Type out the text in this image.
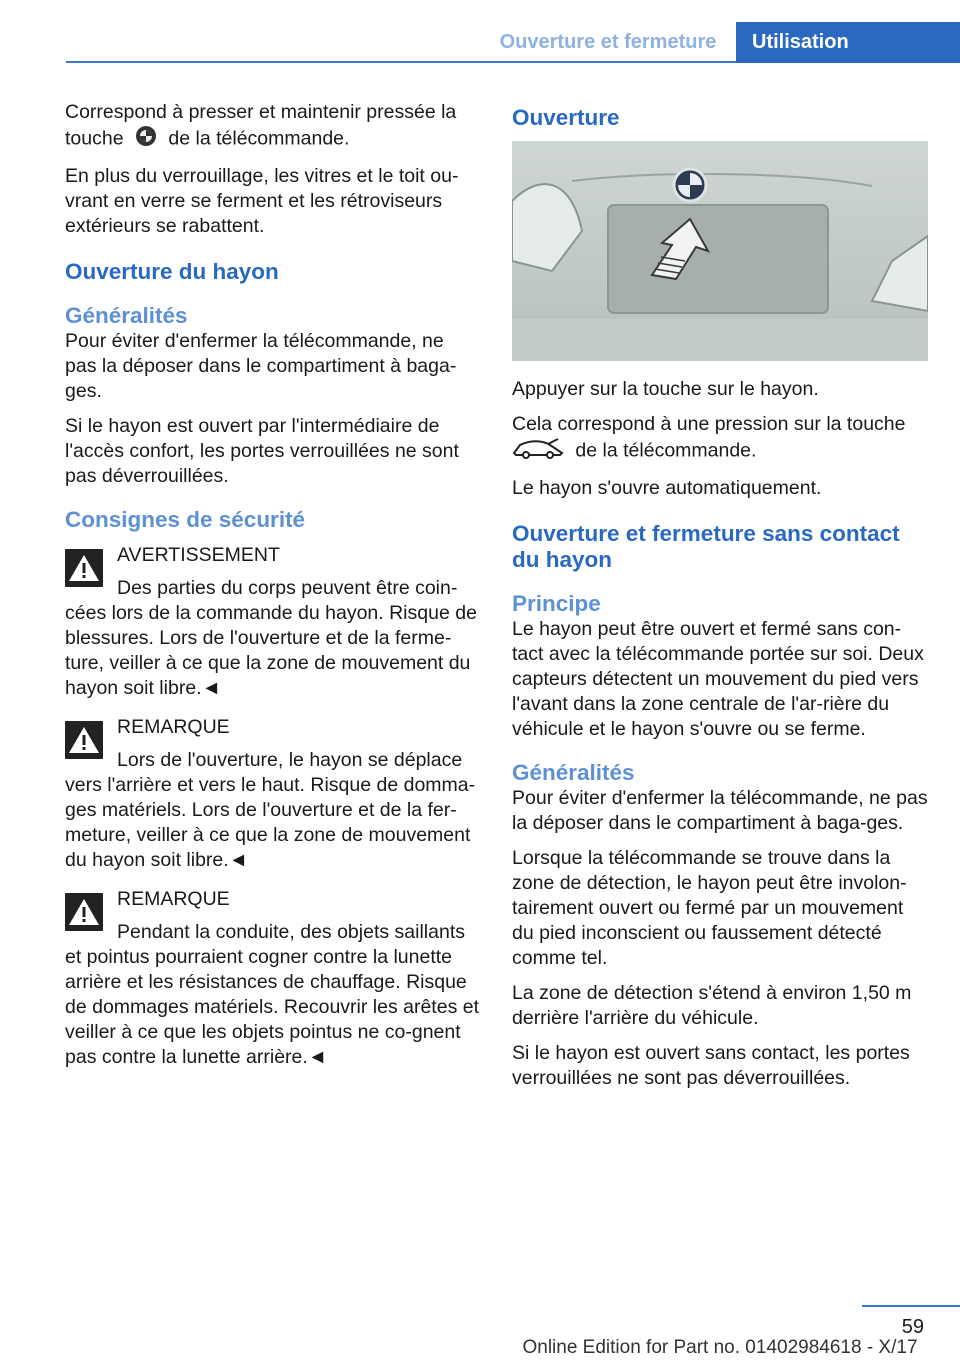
Ouverture et fermeture	Utilisation

Correspond à presser et maintenir pressée la touche de la télécommande.

En plus du verrouillage, les vitres et le toit ou-vrant en verre se ferment et les rétroviseurs extérieurs se rabattent.

Ouverture du hayon
Généralités

Pour éviter d'enfermer la télécommande, ne pas la déposer dans le compartiment à baga-ges.

Si le hayon est ouvert par l'intermédiaire de l'accès confort, les portes verrouillées ne sont pas déverrouillées.

Consignes de sécurité
AVERTISSEMENT
Des parties du corps peuvent être coin-
cées lors de la commande du hayon. Risque de blessures. Lors de l'ouverture et de la ferme-ture, veiller à ce que la zone de mouvement du hayon soit libre.◄
REMARQUE
Lors de l'ouverture, le hayon se déplace
vers l'arrière et vers le haut. Risque de domma-ges matériels. Lors de l'ouverture et de la fer-meture, veiller à ce que la zone de mouvement du hayon soit libre.◄
REMARQUE
Pendant la conduite, des objets saillants
et pointus pourraient cogner contre la lunette arrière et les résistances de chauffage. Risque de dommages matériels. Recouvrir les arêtes et veiller à ce que les objets pointus ne co-gnent pas contre la lunette arrière.◄
Ouverture

Appuyer sur la touche sur le hayon.

Cela correspond à une pression sur la touche
de la télécommande.

Le hayon s'ouvre automatiquement.

Ouverture et fermeture sans contact du hayon
Principe

Le hayon peut être ouvert et fermé sans con-tact avec la télécommande portée sur soi. Deux capteurs détectent un mouvement du pied vers l'avant dans la zone centrale de l'ar-rière du véhicule et le hayon s'ouvre ou se ferme.

Généralités

Pour éviter d'enfermer la télécommande, ne pas la déposer dans le compartiment à baga-ges.

Lorsque la télécommande se trouve dans la zone de détection, le hayon peut être involon-tairement ouvert ou fermé par un mouvement du pied inconscient ou faussement détecté comme tel.

La zone de détection s'étend à environ 1,50 m derrière l'arrière du véhicule.

Si le hayon est ouvert sans contact, les portes verrouillées ne sont pas déverrouillées.

59
Online Edition for Part no. 01402984618 - X/17
